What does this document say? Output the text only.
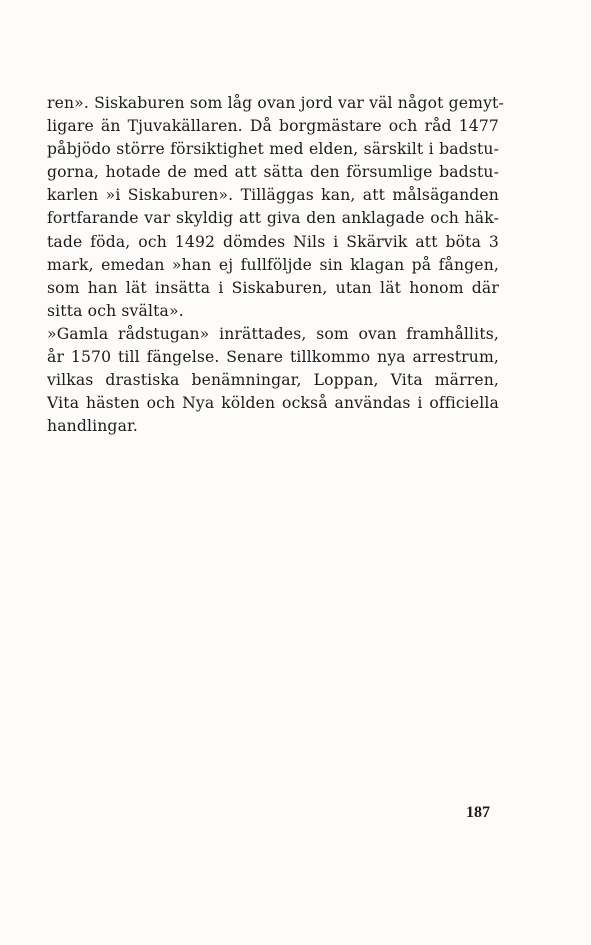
ren». Siskaburen som låg ovan jord var väl något gemyt-
ligare än Tjuvakällaren. Då borgmästare och råd 1477
påbjödo större försiktighet med elden, särskilt i badstu-
gorna, hotade de med att sätta den försumlige badstu-
karlen »i Siskaburen». Tilläggas kan, att målsäganden
fortfarande var skyldig att giva den anklagade och häk-
tade föda, och 1492 dömdes Nils i Skärvik att böta 3
mark, emedan »han ej fullföljde sin klagan på fången,
som han lät insätta i Siskaburen, utan lät honom där
sitta och svälta».
»Gamla rådstugan» inrättades, som ovan framhållits,
år 1570 till fängelse. Senare tillkommo nya arrestrum,
vilkas drastiska benämningar, Loppan, Vita märren,
Vita hästen och Nya kölden också användas i officiella
handlingar.
187
